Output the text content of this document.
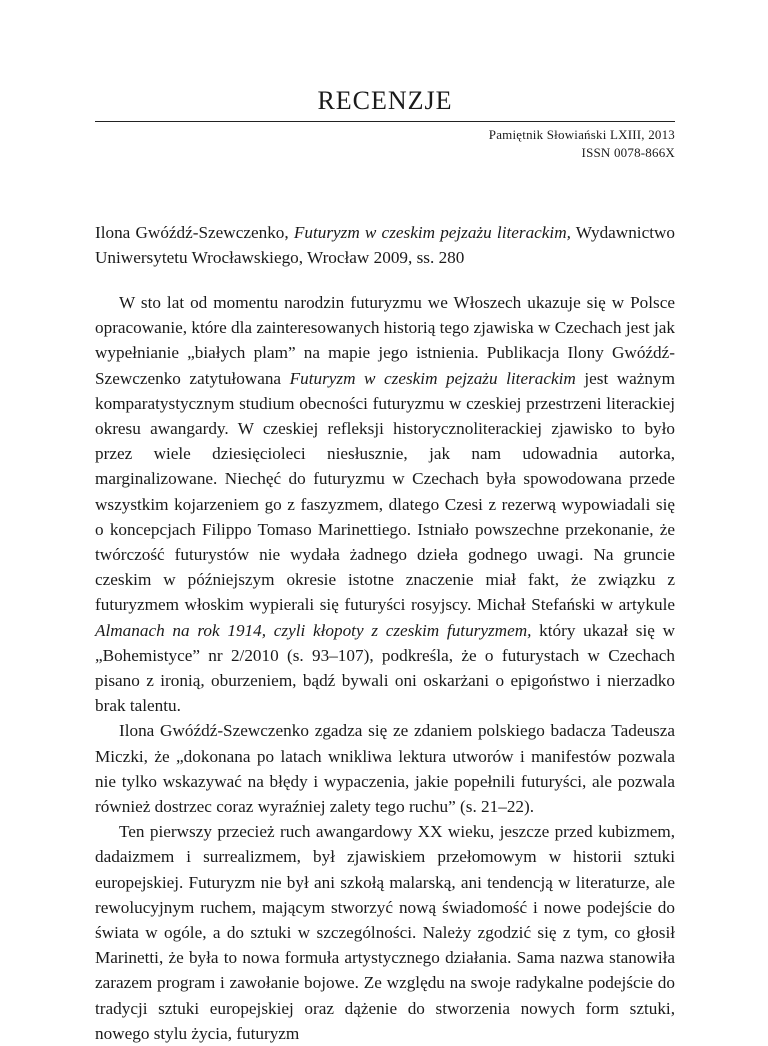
RECENZJE
Pamiętnik Słowiański LXIII, 2013
ISSN 0078-866X

Ilona Gwóźdź-Szewczenko, Futuryzm w czeskim pejzażu literackim, Wydawnictwo Uniwersytetu Wrocławskiego, Wrocław 2009, ss. 280

W sto lat od momentu narodzin futuryzmu we Włoszech ukazuje się w Polsce opracowanie, które dla zainteresowanych historią tego zjawiska w Czechach jest jak wypełnianie „białych plam” na mapie jego istnienia. Publikacja Ilony Gwóźdź-Szewczenko zatytułowana Futuryzm w czeskim pejzażu literackim jest ważnym komparatystycznym studium obecności futuryzmu w czeskiej przestrzeni literackiej okresu awangardy. W czeskiej refleksji historycznoliterackiej zjawisko to było przez wiele dziesięcioleci niesłusznie, jak nam udowadnia autorka, marginalizowane. Niechęć do futuryzmu w Czechach była spowodowana przede wszystkim kojarzeniem go z faszyzmem, dlatego Czesi z rezerwą wypowiadali się o koncepcjach Filippo Tomaso Marinettiego. Istniało powszechne przekonanie, że twórczość futurystów nie wydała żadnego dzieła godnego uwagi. Na gruncie czeskim w późniejszym okresie istotne znaczenie miał fakt, że związku z futuryzmem włoskim wypierali się futuryści rosyjscy. Michał Stefański w artykule Almanach na rok 1914, czyli kłopoty z czeskim futuryzmem, który ukazał się w „Bohemistyce” nr 2/2010 (s. 93–107), podkreśla, że o futurystach w Czechach pisano z ironią, oburzeniem, bądź bywali oni oskarżani o epigoństwo i nierzadko brak talentu.

Ilona Gwóźdź-Szewczenko zgadza się ze zdaniem polskiego badacza Tadeusza Miczki, że „dokonana po latach wnikliwa lektura utworów i manifestów pozwala nie tylko wskazywać na błędy i wypaczenia, jakie popełnili futuryści, ale pozwala również dostrzec coraz wyraźniej zalety tego ruchu” (s. 21–22).

Ten pierwszy przecież ruch awangardowy XX wieku, jeszcze przed kubizmem, dadaizmem i surrealizmem, był zjawiskiem przełomowym w historii sztuki europejskiej. Futuryzm nie był ani szkołą malarską, ani tendencją w literaturze, ale rewolucyjnym ruchem, mającym stworzyć nową świadomość i nowe podejście do świata w ogóle, a do sztuki w szczególności. Należy zgodzić się z tym, co głosił Marinetti, że była to nowa formuła artystycznego działania. Sama nazwa stanowiła zarazem program i zawołanie bojowe. Ze względu na swoje radykalne podejście do tradycji sztuki europejskiej oraz dążenie do stworzenia nowych form sztuki, nowego stylu życia, futuryzm
